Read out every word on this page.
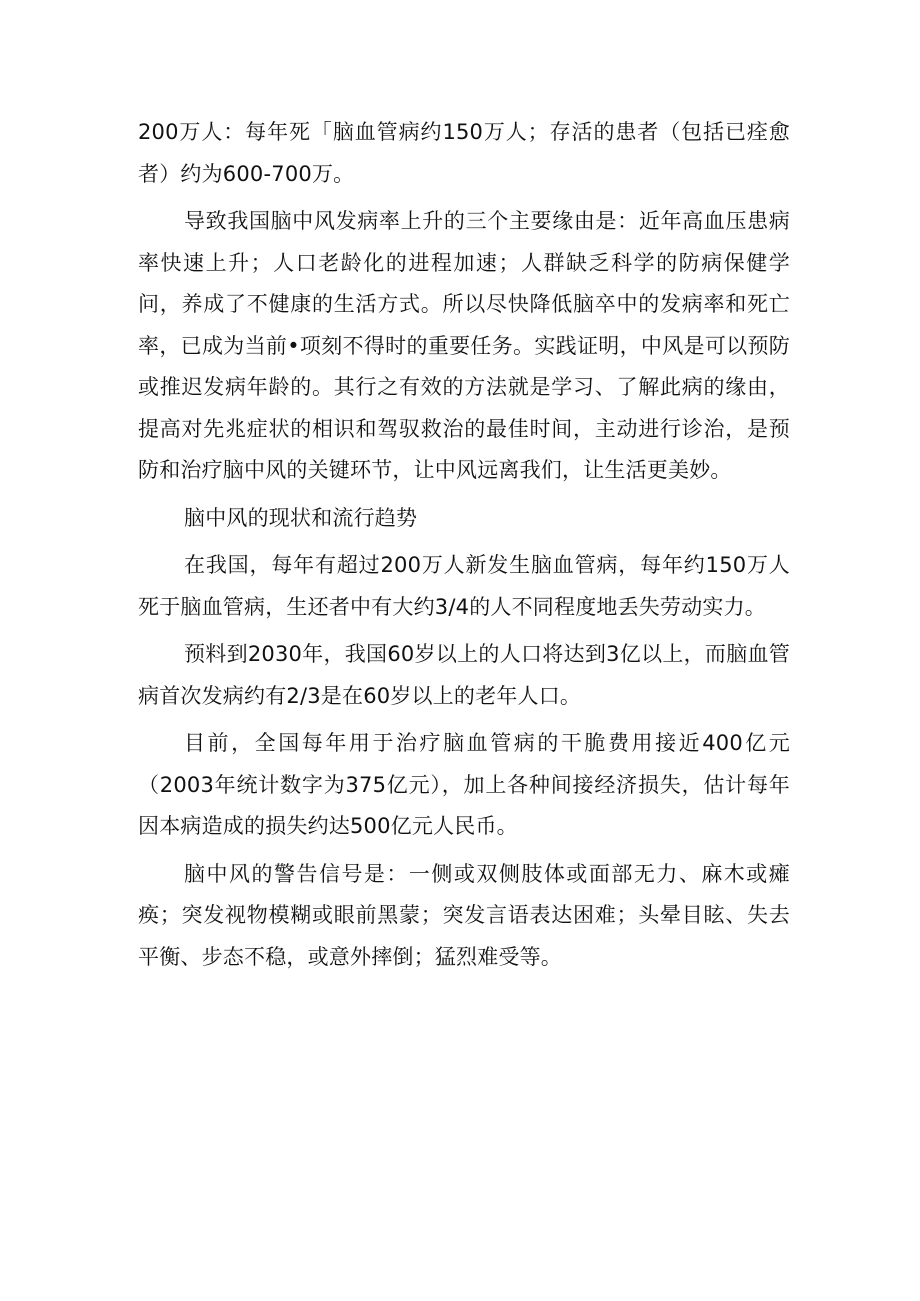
200万人：每年死「脑血管病约150万人；存活的患者（包括已痊愈者）约为600-700万。

导致我国脑中风发病率上升的三个主要缘由是：近年高血压患病率快速上升；人口老龄化的进程加速；人群缺乏科学的防病保健学问，养成了不健康的生活方式。所以尽快降低脑卒中的发病率和死亡率，已成为当前•项刻不得时的重要任务。实践证明，中风是可以预防或推迟发病年龄的。其行之有效的方法就是学习、了解此病的缘由，提高对先兆症状的相识和驾驭救治的最佳时间，主动进行诊治，是预防和治疗脑中风的关键环节，让中风远离我们，让生活更美妙。

脑中风的现状和流行趋势

在我国，每年有超过200万人新发生脑血管病，每年约150万人死于脑血管病，生还者中有大约3/4的人不同程度地丢失劳动实力。

预料到2030年，我国60岁以上的人口将达到3亿以上，而脑血管病首次发病约有2/3是在60岁以上的老年人口。

目前，全国每年用于治疗脑血管病的干脆费用接近400亿元（2003年统计数字为375亿元），加上各种间接经济损失，估计每年因本病造成的损失约达500亿元人民币。

脑中风的警告信号是：一侧或双侧肢体或面部无力、麻木或瘫痪；突发视物模糊或眼前黑蒙；突发言语表达困难；头晕目眩、失去平衡、步态不稳，或意外摔倒；猛烈难受等。
